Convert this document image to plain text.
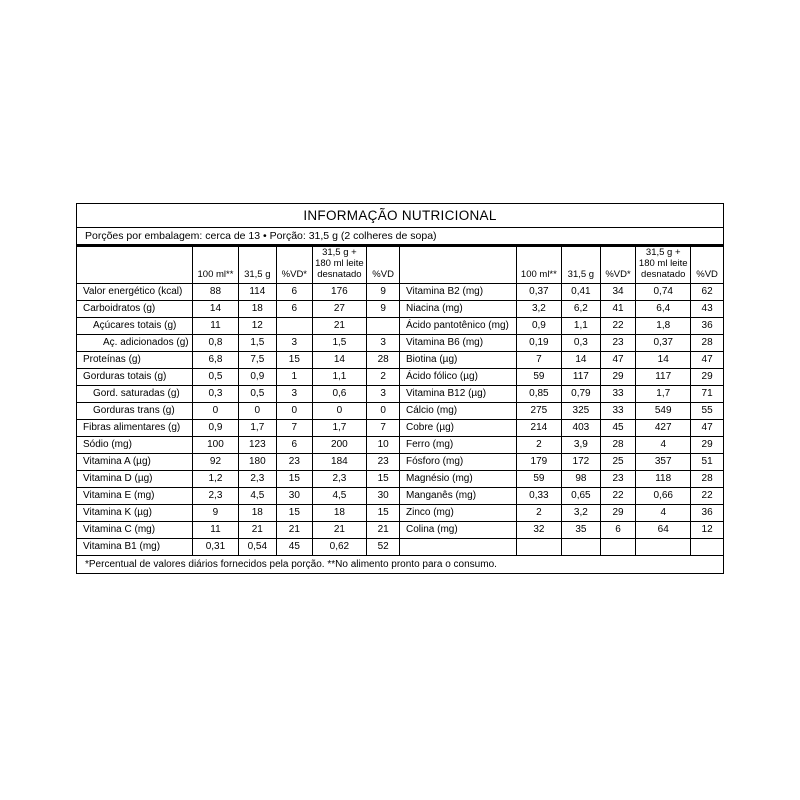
INFORMAÇÃO NUTRICIONAL
Porções por embalagem: cerca de 13 • Porção: 31,5 g (2 colheres de sopa)
	100 ml**	31,5 g	%VD*	31,5 g + 180 ml leite desnatado	%VD
Valor energético (kcal)	88	114	6	176	9
Carboidratos (g)	14	18	6	27	9
Açúcares totais (g)	11	12		21	
Aç. adicionados (g)	0,8	1,5	3	1,5	3
Proteínas (g)	6,8	7,5	15	14	28
Gorduras totais (g)	0,5	0,9	1	1,1	2
Gord. saturadas (g)	0,3	0,5	3	0,6	3
Gorduras trans (g)	0	0	0	0	0
Fibras alimentares (g)	0,9	1,7	7	1,7	7
Sódio (mg)	100	123	6	200	10
Vitamina A (µg)	92	180	23	184	23
Vitamina D (µg)	1,2	2,3	15	2,3	15
Vitamina E (mg)	2,3	4,5	30	4,5	30
Vitamina K (µg)	9	18	15	18	15
Vitamina C (mg)	11	21	21	21	21
Vitamina B1 (mg)	0,31	0,54	45	0,62	52
	100 ml**	31,5 g	%VD*	31,5 g + 180 ml leite desnatado	%VD
Vitamina B2 (mg)	0,37	0,41	34	0,74	62
Niacina (mg)	3,2	6,2	41	6,4	43
Ácido pantotênico (mg)	0,9	1,1	22	1,8	36
Vitamina B6 (mg)	0,19	0,3	23	0,37	28
Biotina (µg)	7	14	47	14	47
Ácido fólico (µg)	59	117	29	117	29
Vitamina B12 (µg)	0,85	0,79	33	1,7	71
Cálcio (mg)	275	325	33	549	55
Cobre (µg)	214	403	45	427	47
Ferro (mg)	2	3,9	28	4	29
Fósforo (mg)	179	172	25	357	51
Magnésio (mg)	59	98	23	118	28
Manganês (mg)	0,33	0,65	22	0,66	22
Zinco (mg)	2	3,2	29	4	36
Colina (mg)	32	35	6	64	12

*Percentual de valores diários fornecidos pela porção. **No alimento pronto para o consumo.
